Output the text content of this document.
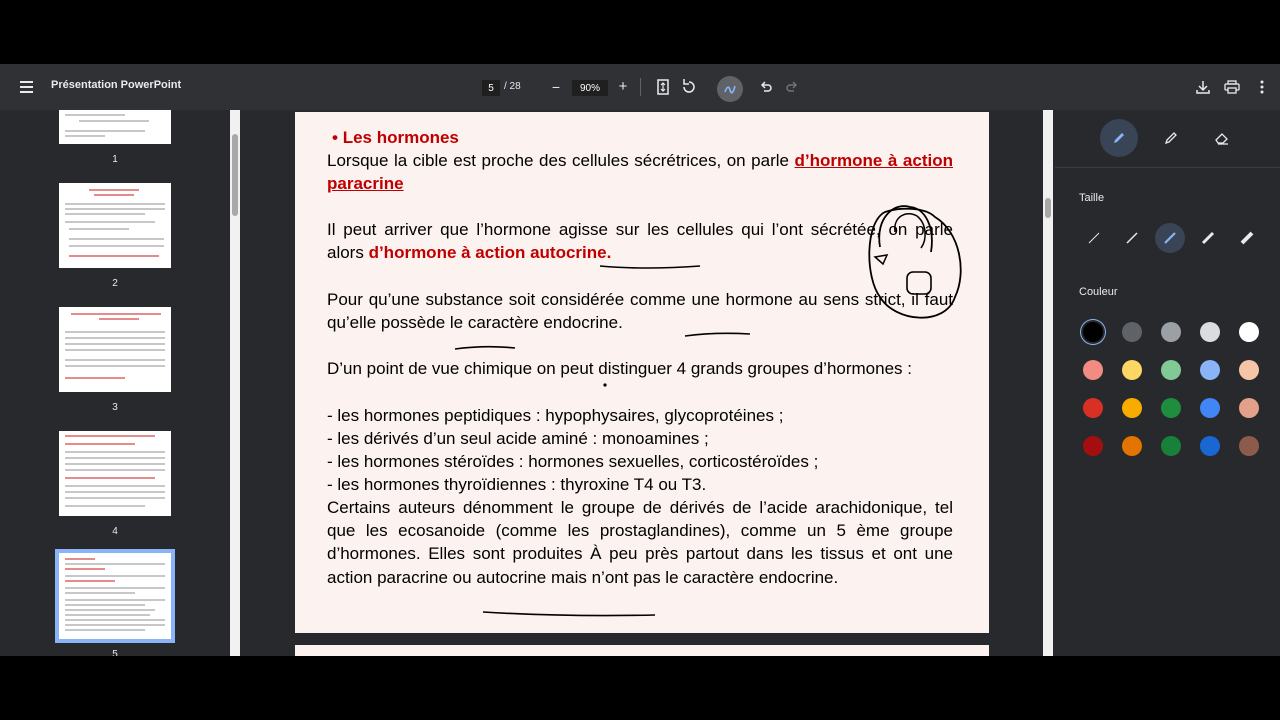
Présentation PowerPoint	5	/ 28 −	90%	+
1
2
3
4
5
• Les hormones
Lorsque la cible est proche des cellules sécrétrices, on parle d’hormone à action paracrine
Il peut arriver que l’hormone agisse sur les cellules qui l’ont sécrétée, on parle alors d’hormone à action autocrine.
Pour qu’une substance soit considérée comme une hormone au sens strict, il faut qu’elle possède le caractère endocrine.
D’un point de vue chimique on peut distinguer 4 grands groupes d’hormones :
- les hormones peptidiques : hypophysaires, glycoprotéines ;
- les dérivés d’un seul acide aminé : monoamines ;
- les hormones stéroïdes : hormones sexuelles, corticostéroïdes ;
- les hormones thyroïdiennes : thyroxine T4 ou T3.
Certains auteurs dénomment le groupe de dérivés de l’acide arachidonique, tel que les ecosanoide (comme les prostaglandines), comme un 5 ème groupe d’hormones. Elles sont produites À peu près partout dans les tissus et ont une action paracrine ou autocrine mais n’ont pas le caractère endocrine.
Taille
Couleur
